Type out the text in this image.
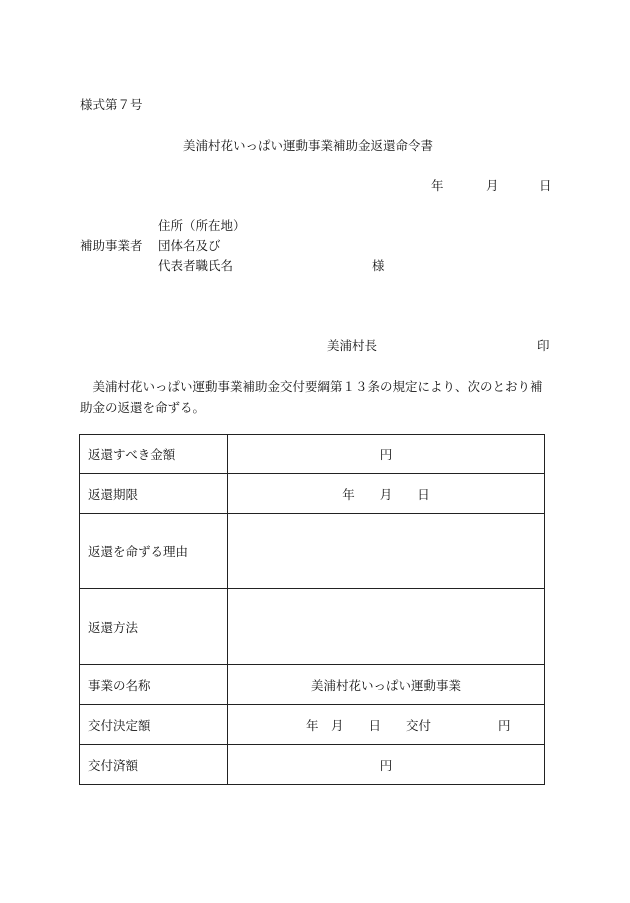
様式第７号
美浦村花いっぱい運動事業補助金返還命令書
年	月	日
住所（所在地）
補助事業者 団体名及び
代表者職氏名	様
美浦村長	印
　美浦村花いっぱい運動事業補助金交付要綱第１３条の規定により、次のとおり補助金の返還を命ずる。
返還すべき金額	円
返還期限	年　　月　　日
返還を命ずる理由	
返還方法	
事業の名称	美浦村花いっぱい運動事業
交付決定額	年　月　　日　　交付 円

交付済額	円
